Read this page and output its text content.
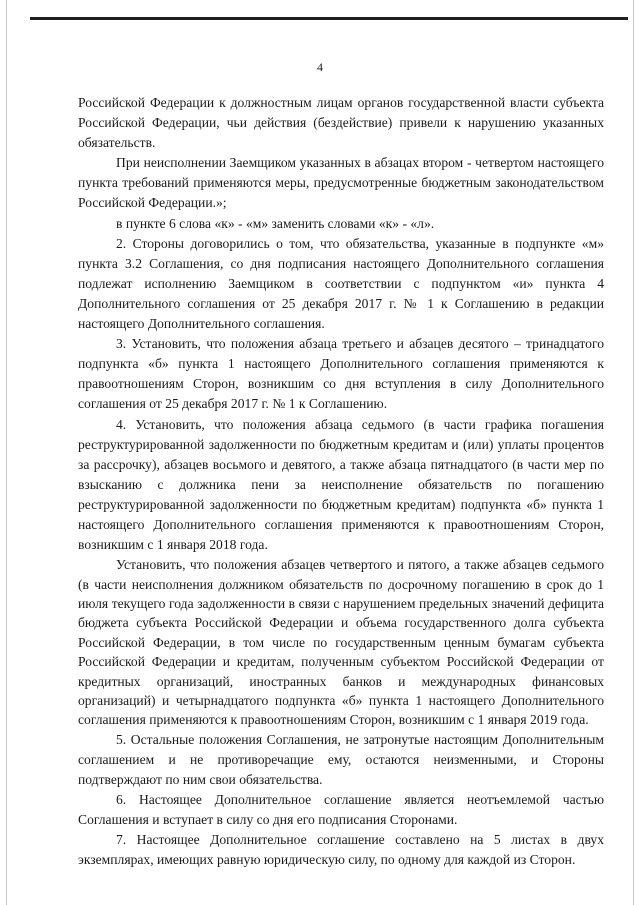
4

Российской Федерации к должностным лицам органов государственной власти субъекта Российской Федерации, чьи действия (бездействие) привели к нарушению указанных обязательств.

При неисполнении Заемщиком указанных в абзацах втором - четвертом настоящего пункта требований применяются меры, предусмотренные бюджетным законодательством Российской Федерации.»;

в пункте 6 слова «к» - «м» заменить словами «к» - «л».

2. Стороны договорились о том, что обязательства, указанные в подпункте «м» пункта 3.2 Соглашения, со дня подписания настоящего Дополнительного соглашения подлежат исполнению Заемщиком в соответствии с подпунктом «и» пункта 4 Дополнительного соглашения от 25 декабря 2017 г. № 1 к Соглашению в редакции настоящего Дополнительного соглашения.

3. Установить, что положения абзаца третьего и абзацев десятого – тринадцатого подпункта «б» пункта 1 настоящего Дополнительного соглашения применяются к правоотношениям Сторон, возникшим со дня вступления в силу Дополнительного соглашения от 25 декабря 2017 г. № 1 к Соглашению.

4. Установить, что положения абзаца седьмого (в части графика погашения реструктурированной задолженности по бюджетным кредитам и (или) уплаты процентов за рассрочку), абзацев восьмого и девятого, а также абзаца пятнадцатого (в части мер по взысканию с должника пени за неисполнение обязательств по погашению реструктурированной задолженности по бюджетным кредитам) подпункта «б» пункта 1 настоящего Дополнительного соглашения применяются к правоотношениям Сторон, возникшим с 1 января 2018 года.

Установить, что положения абзацев четвертого и пятого, а также абзацев седьмого (в части неисполнения должником обязательств по досрочному погашению в срок до 1 июля текущего года задолженности в связи с нарушением предельных значений дефицита бюджета субъекта Российской Федерации и объема государственного долга субъекта Российской Федерации, в том числе по государственным ценным бумагам субъекта Российской Федерации и кредитам, полученным субъектом Российской Федерации от кредитных организаций, иностранных банков и международных финансовых организаций) и четырнадцатого подпункта «б» пункта 1 настоящего Дополнительного соглашения применяются к правоотношениям Сторон, возникшим с 1 января 2019 года.

5. Остальные положения Соглашения, не затронутые настоящим Дополнительным соглашением и не противоречащие ему, остаются неизменными, и Стороны подтверждают по ним свои обязательства.

6. Настоящее Дополнительное соглашение является неотъемлемой частью Соглашения и вступает в силу со дня его подписания Сторонами.

7. Настоящее Дополнительное соглашение составлено на 5 листах в двух экземплярах, имеющих равную юридическую силу, по одному для каждой из Сторон.
